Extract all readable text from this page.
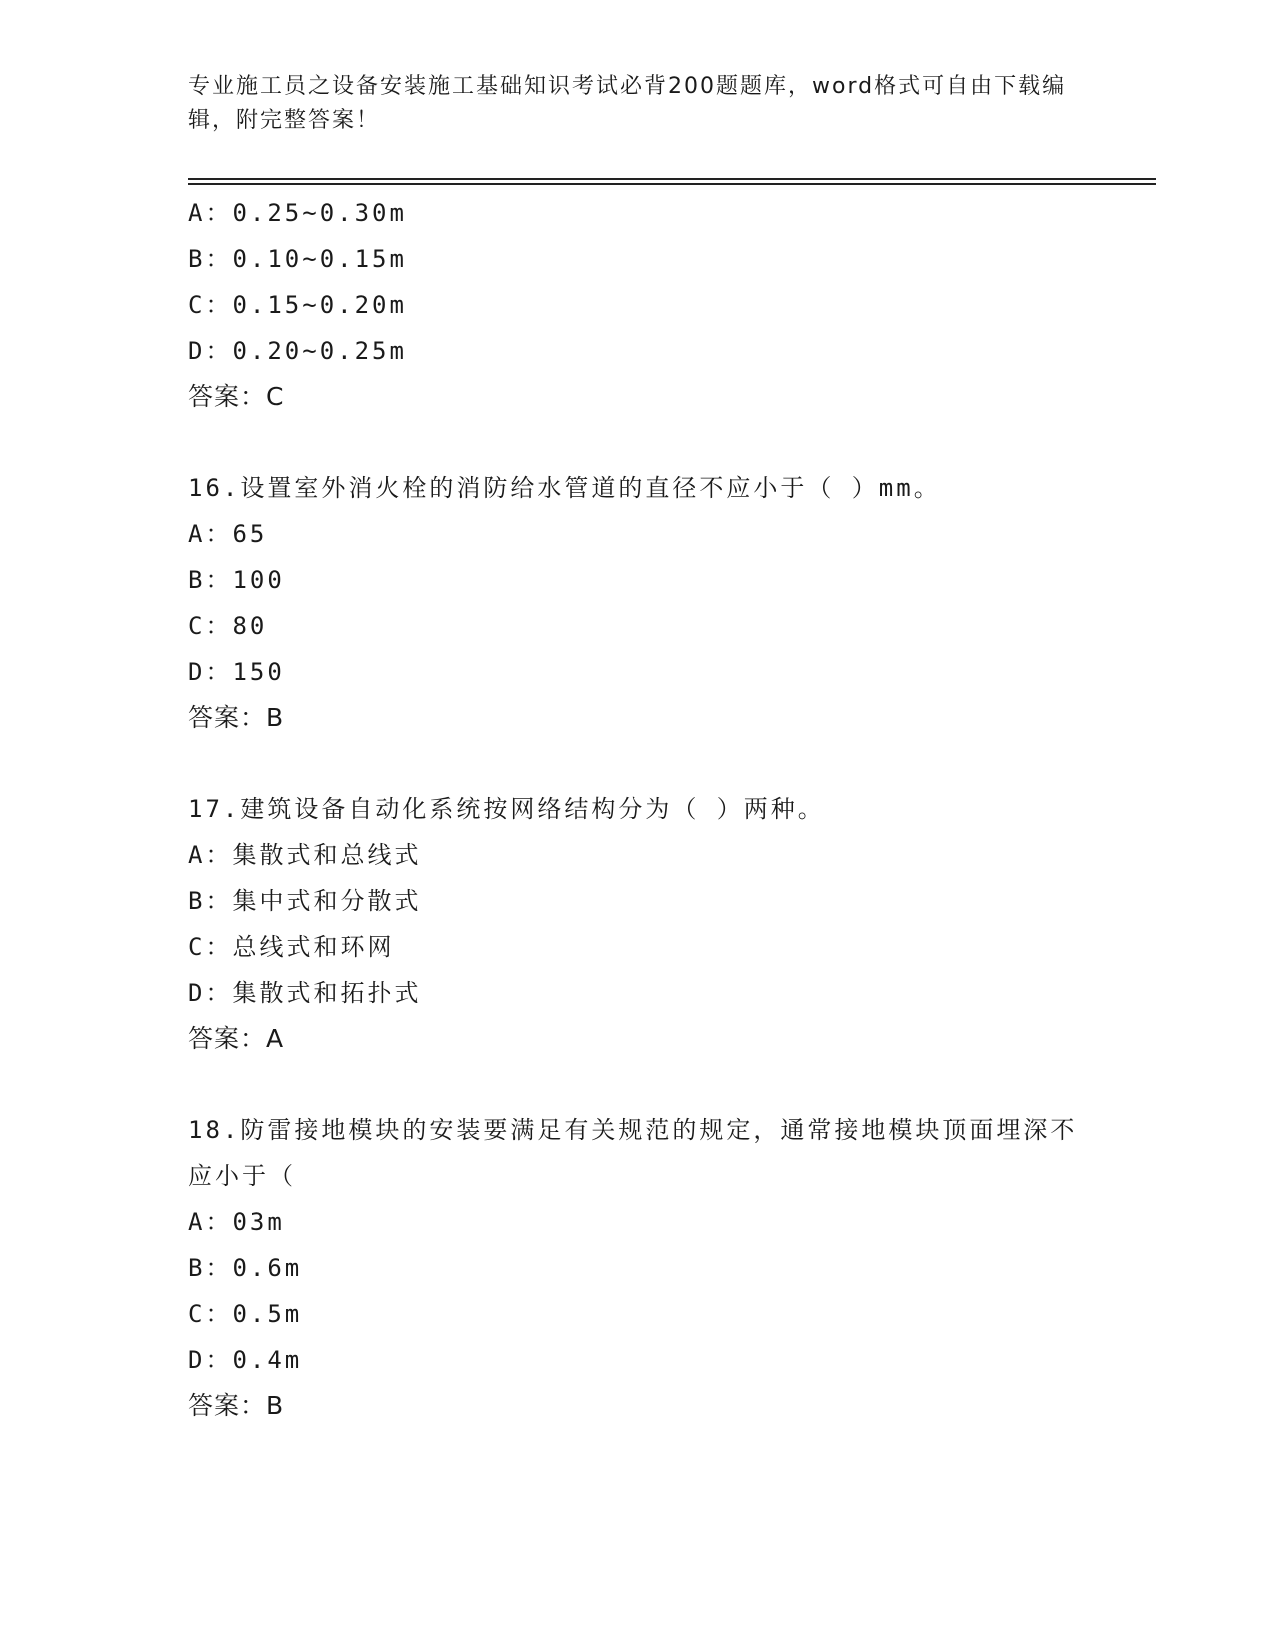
专业施工员之设备安装施工基础知识考试必背200题题库，word格式可自由下载编辑，附完整答案！
A：0.25~0.30m
B：0.10~0.15m
C：0.15~0.20m
D：0.20~0.25m
答案：C
16.设置室外消火栓的消防给水管道的直径不应小于（ ）mm。
A：65
B：100
C：80
D：150
答案：B
17.建筑设备自动化系统按网络结构分为（ ）两种。
A：集散式和总线式
B：集中式和分散式
C：总线式和环网
D：集散式和拓扑式
答案：A
18.防雷接地模块的安装要满足有关规范的规定，通常接地模块顶面埋深不应小于（
A：03m
B：0.6m
C：0.5m
D：0.4m
答案：B
